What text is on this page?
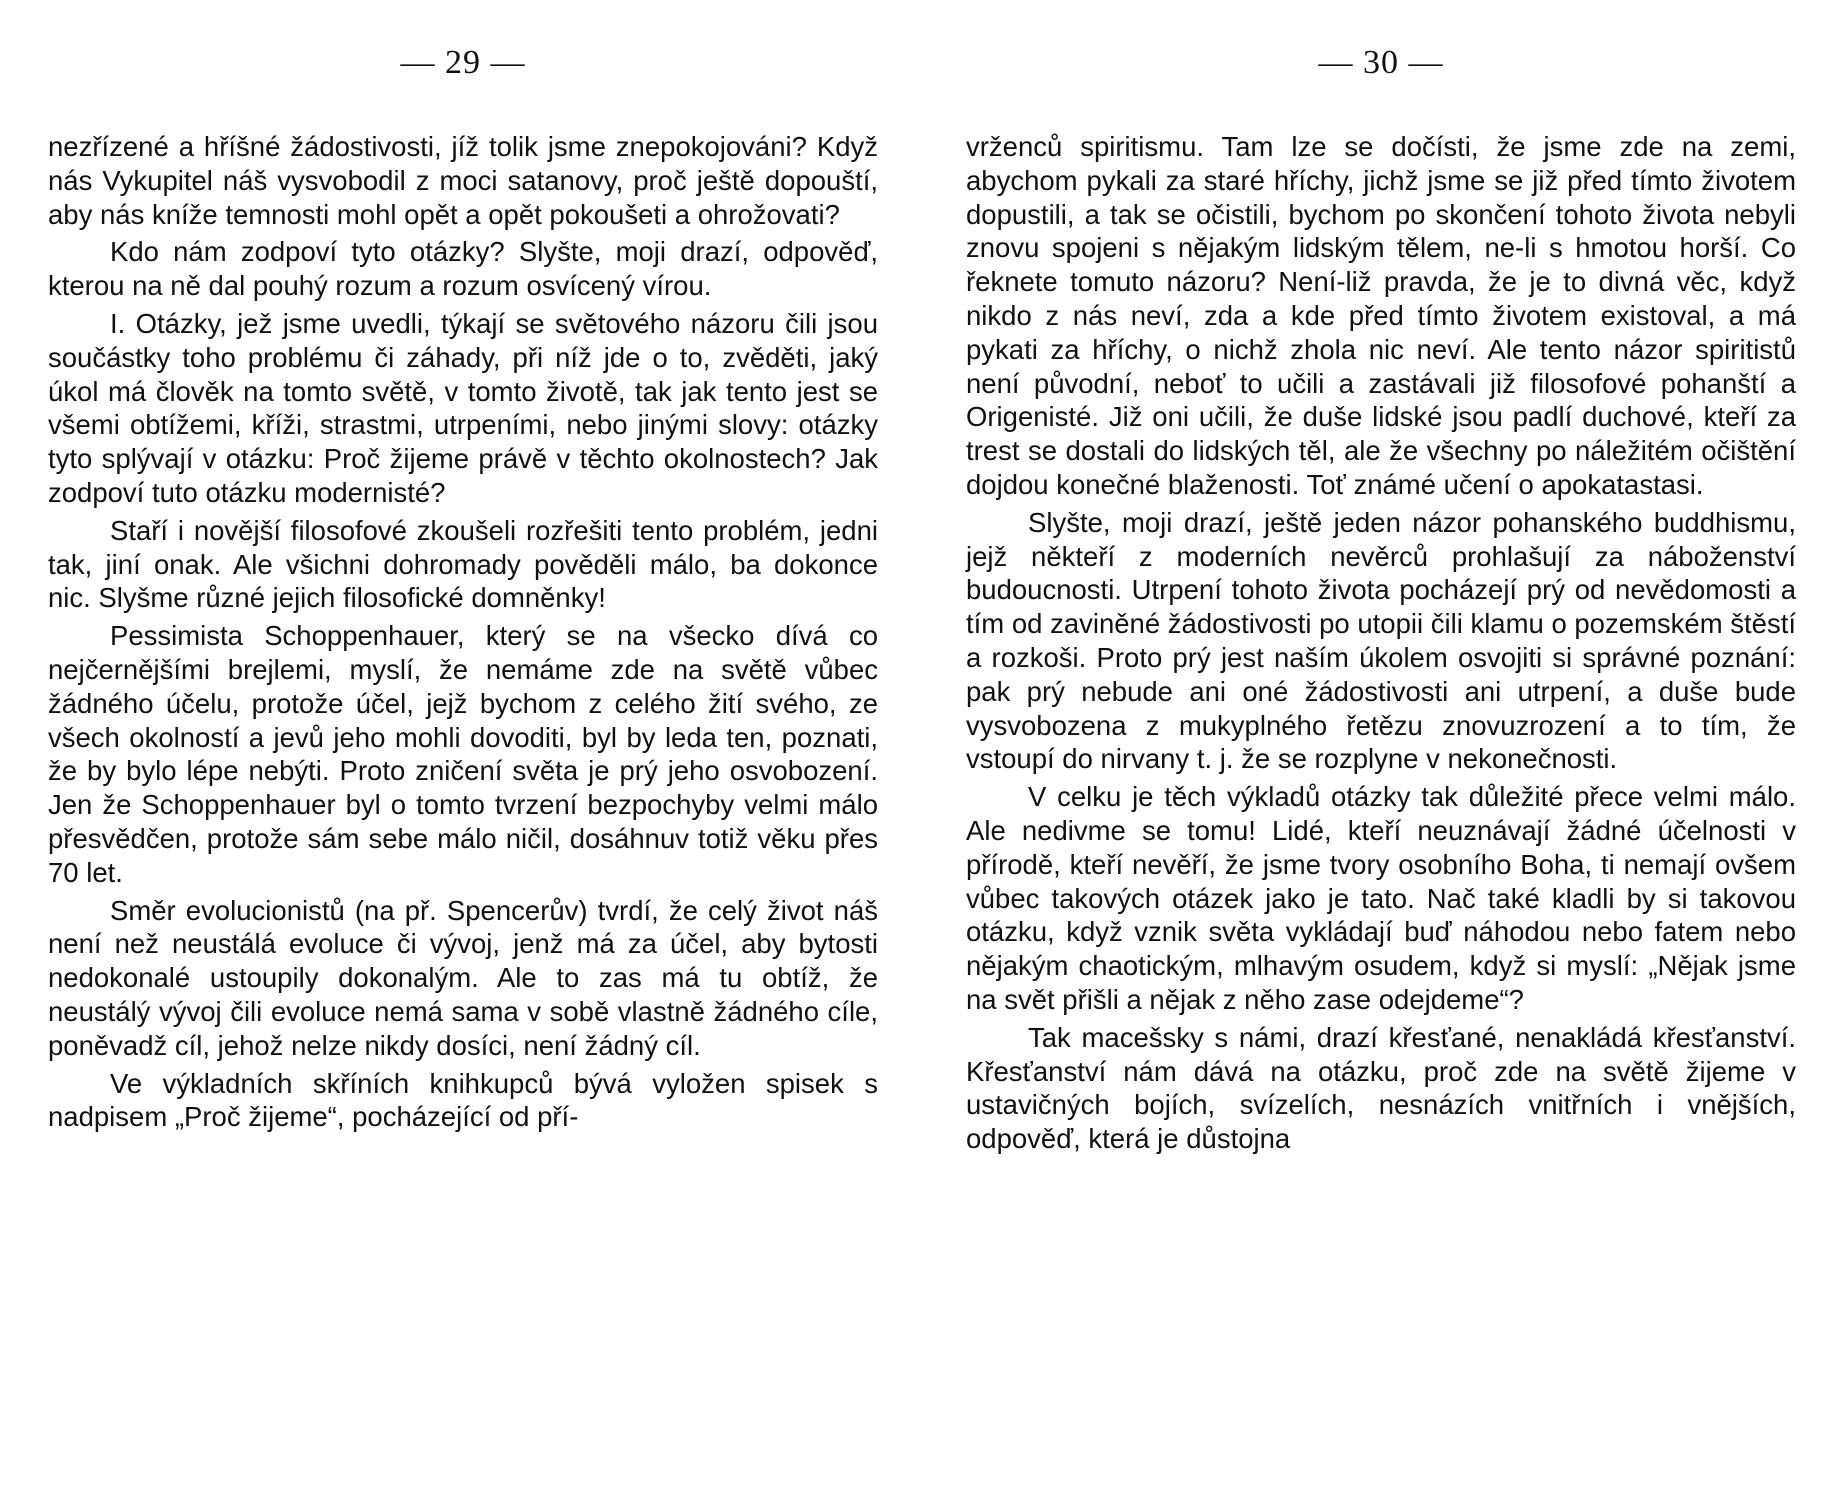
— 29 —

nezřízené a hříšné žádostivosti, jíž tolik jsme znepokojováni? Když nás Vykupitel náš vysvobodil z moci satanovy, proč ještě dopouští, aby nás kníže temnosti mohl opět a opět pokoušeti a ohrožovati?

Kdo nám zodpoví tyto otázky? Slyšte, moji drazí, odpověď, kterou na ně dal pouhý rozum a rozum osvícený vírou.

I. Otázky, jež jsme uvedli, týkají se světového názoru čili jsou součástky toho problému či záhady, při níž jde o to, zvěděti, jaký úkol má člověk na tomto světě, v tomto životě, tak jak tento jest se všemi obtížemi, kříži, strastmi, utrpeními, nebo jinými slovy: otázky tyto splývají v otázku: Proč žijeme právě v těchto okolnostech? Jak zodpoví tuto otázku modernisté?

Staří i novější filosofové zkoušeli rozřešiti tento problém, jedni tak, jiní onak. Ale všichni dohromady pověděli málo, ba dokonce nic. Slyšme různé jejich filosofické domněnky!

Pessimista Schoppenhauer, který se na všecko dívá co nejčernějšími brejlemi, myslí, že nemáme zde na světě vůbec žádného účelu, protože účel, jejž bychom z celého žití svého, ze všech okolností a jevů jeho mohli dovoditi, byl by leda ten, poznati, že by bylo lépe nebýti. Proto zničení světa je prý jeho osvobození. Jen že Schoppenhauer byl o tomto tvrzení bezpochyby velmi málo přesvědčen, protože sám sebe málo ničil, dosáhnuv totiž věku přes 70 let.

Směr evolucionistů (na př. Spencerův) tvrdí, že celý život náš není než neustálá evoluce či vývoj, jenž má za účel, aby bytosti nedokonalé ustoupily dokonalým. Ale to zas má tu obtíž, že neustálý vývoj čili evoluce nemá sama v sobě vlastně žádného cíle, poněvadž cíl, jehož nelze nikdy dosíci, není žádný cíl.

Ve výkladních skříních knihkupců bývá vyložen spisek s nadpisem „Proč žijeme“, pocházející od pří-

— 30 —

vrženců spiritismu. Tam lze se dočísti, že jsme zde na zemi, abychom pykali za staré hříchy, jichž jsme se již před tímto životem dopustili, a tak se očistili, bychom po skončení tohoto života nebyli znovu spojeni s nějakým lidským tělem, ne-li s hmotou horší. Co řeknete tomuto názoru? Není-liž pravda, že je to divná věc, když nikdo z nás neví, zda a kde před tímto životem existoval, a má pykati za hříchy, o nichž zhola nic neví. Ale tento názor spiritistů není původní, neboť to učili a zastávali již filosofové pohanští a Origenisté. Již oni učili, že duše lidské jsou padlí duchové, kteří za trest se dostali do lidských těl, ale že všechny po náležitém očištění dojdou konečné blaženosti. Toť známé učení o apokatastasi.

Slyšte, moji drazí, ještě jeden názor pohanského buddhismu, jejž někteří z moderních nevěrců prohlašují za náboženství budoucnosti. Utrpení tohoto života pocházejí prý od nevědomosti a tím od zaviněné žádostivosti po utopii čili klamu o pozemském štěstí a rozkoši. Proto prý jest naším úkolem osvojiti si správné poznání: pak prý nebude ani oné žádostivosti ani utrpení, a duše bude vysvobozena z mukyplného řetězu znovuzrození a to tím, že vstoupí do nirvany t. j. že se rozplyne v nekonečnosti.

V celku je těch výkladů otázky tak důležité přece velmi málo. Ale nedivme se tomu! Lidé, kteří neuznávají žádné účelnosti v přírodě, kteří nevěří, že jsme tvory osobního Boha, ti nemají ovšem vůbec takových otázek jako je tato. Nač také kladli by si takovou otázku, když vznik světa vykládají buď náhodou nebo fatem nebo nějakým chaotickým, mlhavým osudem, když si myslí: „Nějak jsme na svět přišli a nějak z něho zase odejdeme“?

Tak macešsky s námi, drazí křesťané, nenakládá křesťanství. Křesťanství nám dává na otázku, proč zde na světě žijeme v ustavičných bojích, svízelích, nesnázích vnitřních i vnějších, odpověď, která je důstojna
